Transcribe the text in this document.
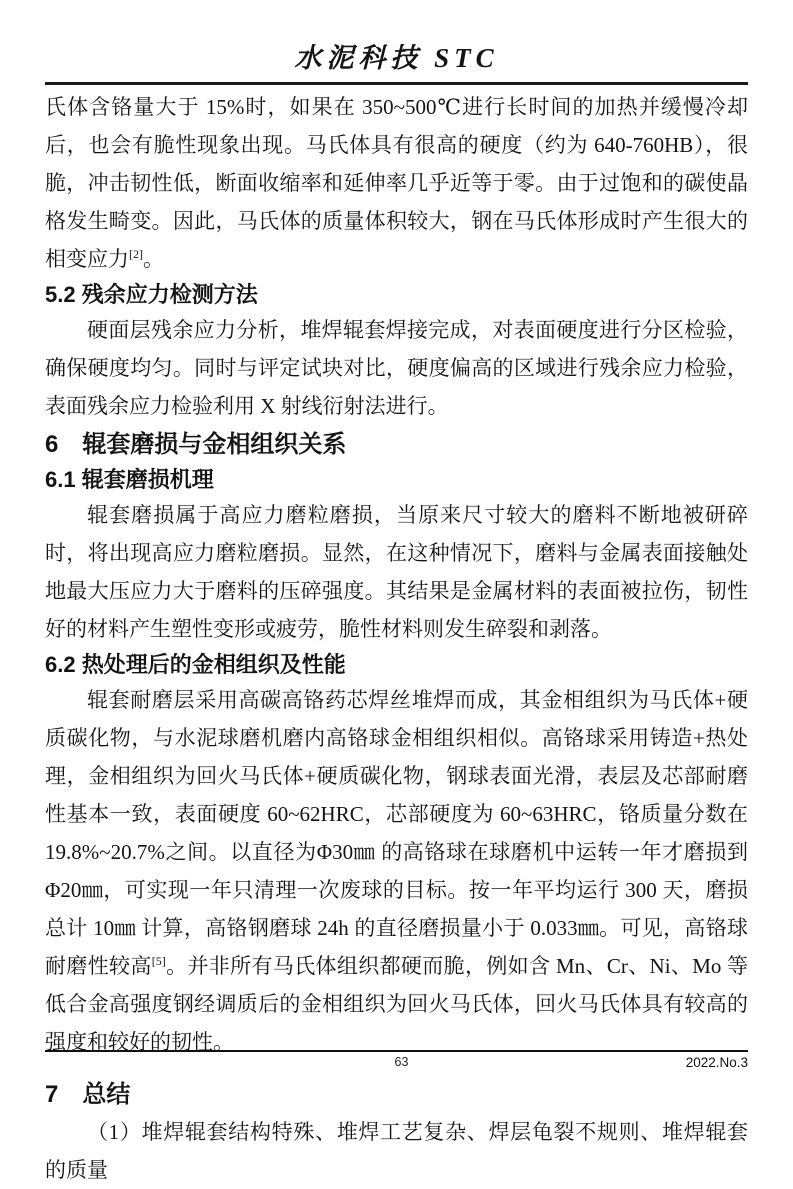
水泥科技 STC

氏体含铬量大于 15%时，如果在 350~500℃进行长时间的加热并缓慢冷却后，也会有脆性现象出现。马氏体具有很高的硬度（约为 640-760HB），很脆，冲击韧性低，断面收缩率和延伸率几乎近等于零。由于过饱和的碳使晶格发生畸变。因此，马氏体的质量体积较大，钢在马氏体形成时产生很大的相变应力[2]。

5.2 残余应力检测方法

硬面层残余应力分析，堆焊辊套焊接完成，对表面硬度进行分区检验，确保硬度均匀。同时与评定试块对比，硬度偏高的区域进行残余应力检验，表面残余应力检验利用 X 射线衍射法进行。

6　辊套磨损与金相组织关系
6.1 辊套磨损机理

辊套磨损属于高应力磨粒磨损，当原来尺寸较大的磨料不断地被研碎时，将出现高应力磨粒磨损。显然，在这种情况下，磨料与金属表面接触处地最大压应力大于磨料的压碎强度。其结果是金属材料的表面被拉伤，韧性好的材料产生塑性变形或疲劳，脆性材料则发生碎裂和剥落。

6.2 热处理后的金相组织及性能

辊套耐磨层采用高碳高铬药芯焊丝堆焊而成，其金相组织为马氏体+硬质碳化物，与水泥球磨机磨内高铬球金相组织相似。高铬球采用铸造+热处理，金相组织为回火马氏体+硬质碳化物，钢球表面光滑，表层及芯部耐磨性基本一致，表面硬度 60~62HRC，芯部硬度为 60~63HRC，铬质量分数在 19.8%~20.7%之间。以直径为Φ30㎜ 的高铬球在球磨机中运转一年才磨损到Φ20㎜，可实现一年只清理一次废球的目标。按一年平均运行 300 天，磨损总计 10㎜ 计算，高铬钢磨球 24h 的直径磨损量小于 0.033㎜。可见，高铬球耐磨性较高[5]。并非所有马氏体组织都硬而脆，例如含 Mn、Cr、Ni、Mo 等低合金高强度钢经调质后的金相组织为回火马氏体，回火马氏体具有较高的强度和较好的韧性。

7　总结

（1）堆焊辊套结构特殊、堆焊工艺复杂、焊层龟裂不规则、堆焊辊套的质量

63	2022.No.3
